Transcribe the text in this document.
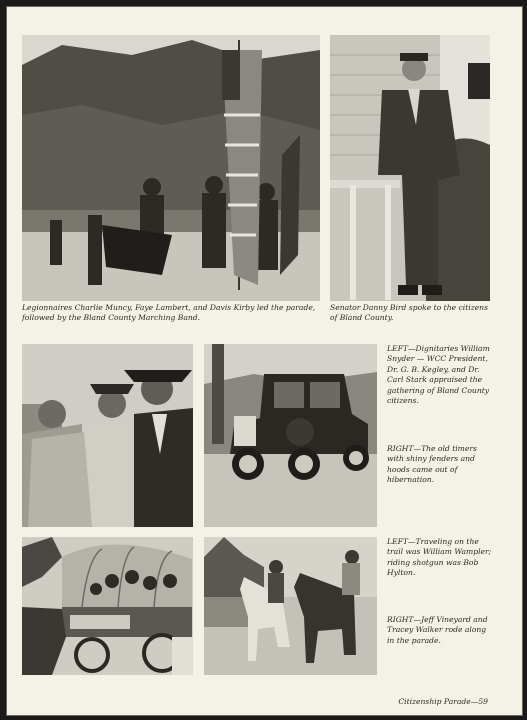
Legionnaires Charlie Muncy, Faye Lambert, and Davis Kirby led the parade, followed by the Bland County Marching Band.

Senator Danny Bird spoke to the citizens of Bland County.

LEFT—Dignitaries William Snyder — WCC President, Dr. G. B. Kegley, and Dr. Carl Stark appraised the gathering of Bland County citizens.

RIGHT—The old timers with shiny fenders and hoods came out of hibernation.

LEFT—Traveling on the trail was William Wampler; riding shotgun was Bob Hylton.

RIGHT—Jeff Vineyard and Tracey Walker rode along in the parade.

Citizenship Parade—59
